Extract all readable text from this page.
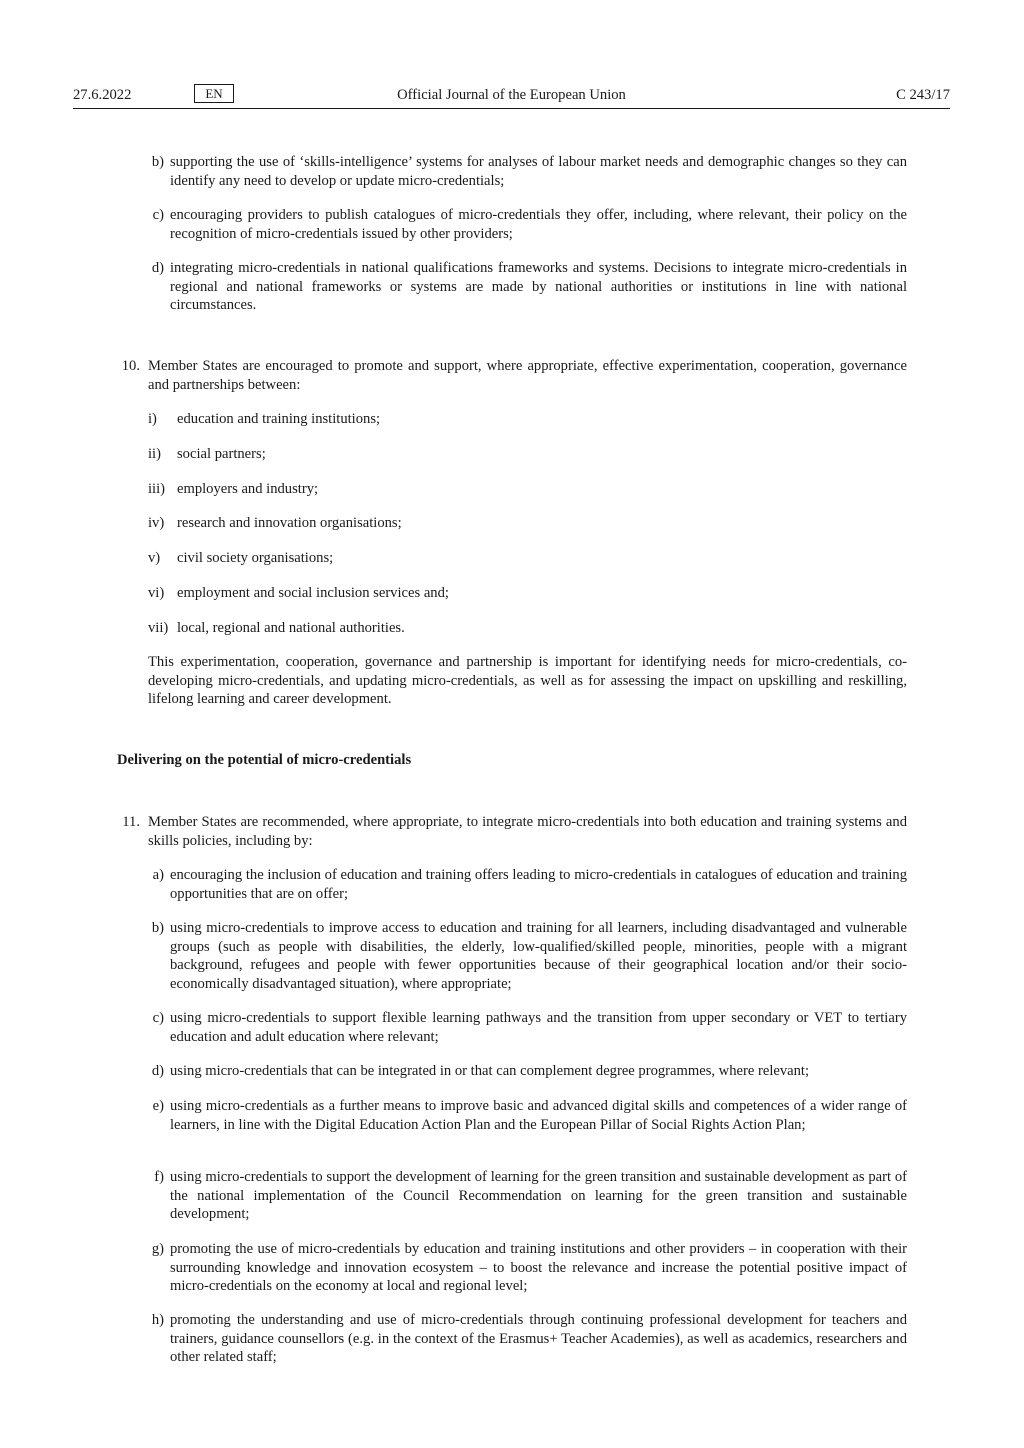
27.6.2022	EN	Official Journal of the European Union	C 243/17
b) supporting the use of ‘skills-intelligence’ systems for analyses of labour market needs and demographic changes so they can identify any need to develop or update micro-credentials;
c) encouraging providers to publish catalogues of micro-credentials they offer, including, where relevant, their policy on the recognition of micro-credentials issued by other providers;
d) integrating micro-credentials in national qualifications frameworks and systems. Decisions to integrate micro-credentials in regional and national frameworks or systems are made by national authorities or institutions in line with national circumstances.
10. Member States are encouraged to promote and support, where appropriate, effective experimentation, cooperation, governance and partnerships between:
i) education and training institutions;
ii) social partners;
iii) employers and industry;
iv) research and innovation organisations;
v) civil society organisations;
vi) employment and social inclusion services and;
vii) local, regional and national authorities.
This experimentation, cooperation, governance and partnership is important for identifying needs for micro-credentials, co-developing micro-credentials, and updating micro-credentials, as well as for assessing the impact on upskilling and reskilling, lifelong learning and career development.
Delivering on the potential of micro-credentials
11. Member States are recommended, where appropriate, to integrate micro-credentials into both education and training systems and skills policies, including by:
a) encouraging the inclusion of education and training offers leading to micro-credentials in catalogues of education and training opportunities that are on offer;
b) using micro-credentials to improve access to education and training for all learners, including disadvantaged and vulnerable groups (such as people with disabilities, the elderly, low-qualified/skilled people, minorities, people with a migrant background, refugees and people with fewer opportunities because of their geographical location and/or their socio-economically disadvantaged situation), where appropriate;
c) using micro-credentials to support flexible learning pathways and the transition from upper secondary or VET to tertiary education and adult education where relevant;
d) using micro-credentials that can be integrated in or that can complement degree programmes, where relevant;
e) using micro-credentials as a further means to improve basic and advanced digital skills and competences of a wider range of learners, in line with the Digital Education Action Plan and the European Pillar of Social Rights Action Plan;
f) using micro-credentials to support the development of learning for the green transition and sustainable development as part of the national implementation of the Council Recommendation on learning for the green transition and sustainable development;
g) promoting the use of micro-credentials by education and training institutions and other providers – in cooperation with their surrounding knowledge and innovation ecosystem – to boost the relevance and increase the potential positive impact of micro-credentials on the economy at local and regional level;
h) promoting the understanding and use of micro-credentials through continuing professional development for teachers and trainers, guidance counsellors (e.g. in the context of the Erasmus+ Teacher Academies), as well as academics, researchers and other related staff;
